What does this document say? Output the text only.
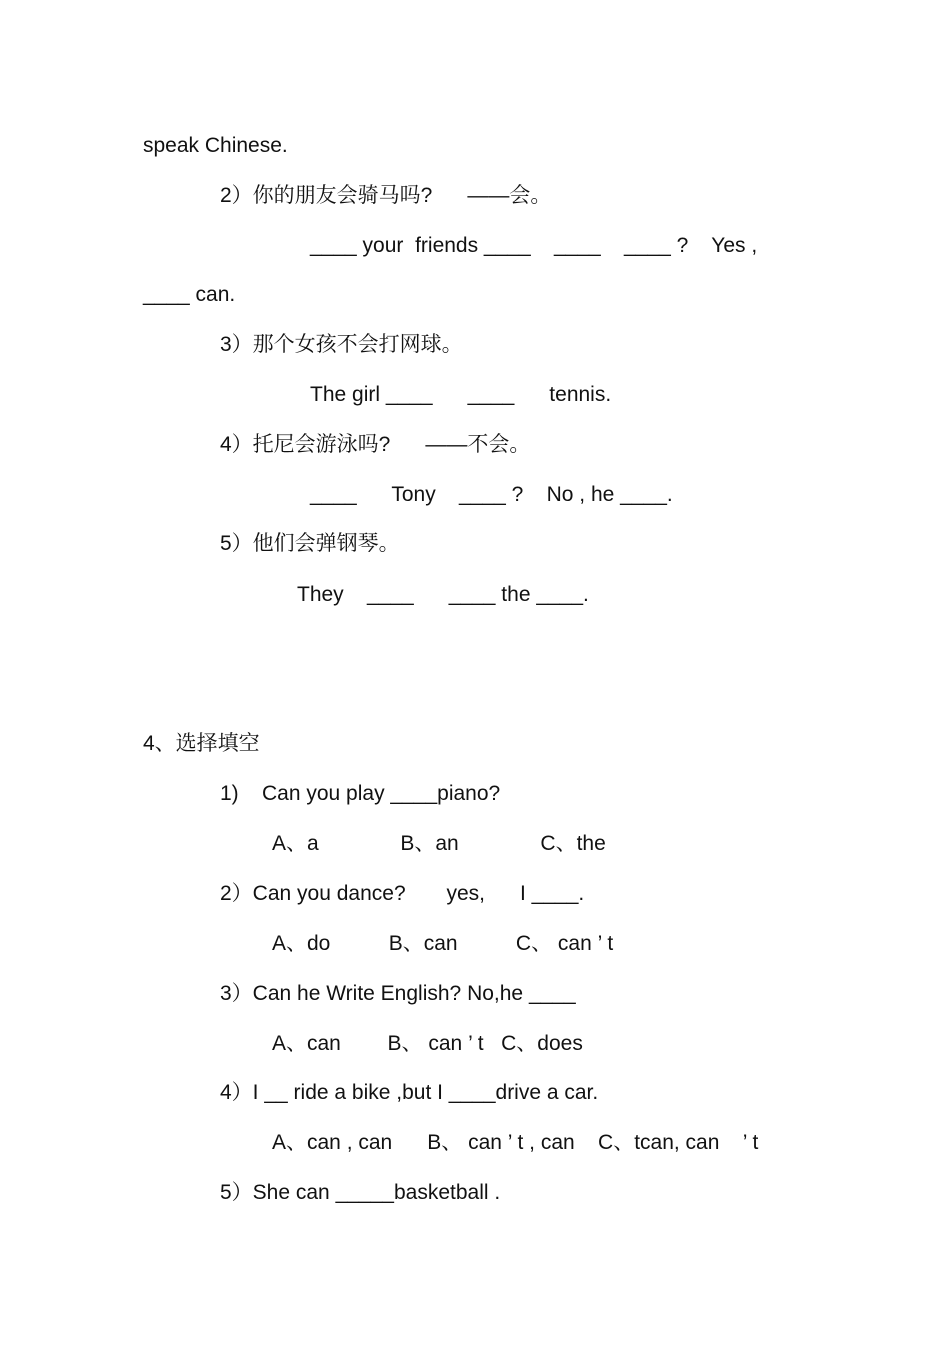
speak Chinese.
2）你的朋友会骑马吗?      ——会。
____ your  friends ____    ____    ____ ?    Yes ,
____ can.
3）那个女孩不会打网球。
The girl ____      ____      tennis.
4）托尼会游泳吗?      ——不会。
____      Tony    ____ ?    No , he ____.
5）他们会弹钢琴。
They    ____      ____ the ____.
4、选择填空
1)    Can you play ____piano?
A、a              B、an              C、the
2）Can you dance?       yes,      I ____.
A、do          B、can          C、 can ’ t
3）Can he Write English? No,he ____
A、can        B、 can ’ t   C、does
4）I __ ride a bike ,but I ____drive a car.
A、can , can      B、 can ’ t , can    C、tcan, can    ’ t
5）She can _____basketball .
